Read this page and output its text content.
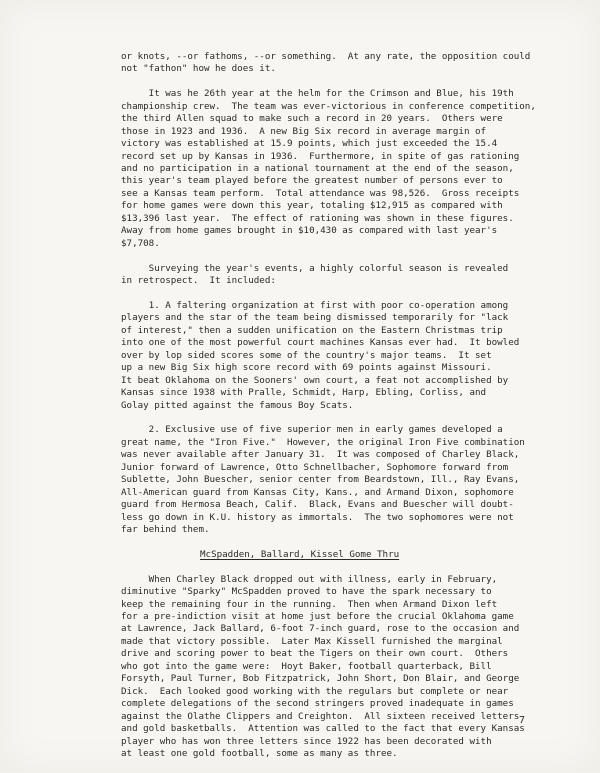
or knots, --or fathoms, --or something.  At any rate, the opposition could
not "fathon" how he does it.
It was he 26th year at the helm for the Crimson and Blue, his 19th
championship crew.  The team was ever-victorious in conference competition,
the third Allen squad to make such a record in 20 years.  Others were
those in 1923 and 1936.  A new Big Six record in average margin of
victory was established at 15.9 points, which just exceeded the 15.4
record set up by Kansas in 1936.  Furthermore, in spite of gas rationing
and no participation in a national tournament at the end of the season,
this year's team played before the greatest number of persons ever to
see a Kansas team perform.  Total attendance was 98,526.  Gross receipts
for home games were down this year, totaling $12,915 as compared with
$13,396 last year.  The effect of rationing was shown in these figures.
Away from home games brought in $10,430 as compared with last year's
$7,708.
Surveying the year's events, a highly colorful season is revealed
in retrospect.  It included:
1. A faltering organization at first with poor co-operation among
players and the star of the team being dismissed temporarily for "lack
of interest," then a sudden unification on the Eastern Christmas trip
into one of the most powerful court machines Kansas ever had.  It bowled
over by lop sided scores some of the country's major teams.  It set
up a new Big Six high score record with 69 points against Missouri.
It beat Oklahoma on the Sooners' own court, a feat not accomplished by
Kansas since 1938 with Pralle, Schmidt, Harp, Ebling, Corliss, and
Golay pitted against the famous Boy Scats.
2. Exclusive use of five superior men in early games developed a
great name, the "Iron Five."  However, the original Iron Five combination
was never available after January 31.  It was composed of Charley Black,
Junior forward of Lawrence, Otto Schnellbacher, Sophomore forward from
Sublette, John Buescher, senior center from Beardstown, Ill., Ray Evans,
All-American guard from Kansas City, Kans., and Armand Dixon, sophomore
guard from Hermosa Beach, Calif.  Black, Evans and Buescher will doubt-
less go down in K.U. history as immortals.  The two sophomores were not
far behind them.
McSpadden, Ballard, Kissel Gome Thru
When Charley Black dropped out with illness, early in February,
diminutive "Sparky" McSpadden proved to have the spark necessary to
keep the remaining four in the running.  Then when Armand Dixon left
for a pre-indiction visit at home just before the crucial Oklahoma game
at Lawrence, Jack Ballard, 6-foot 7-inch guard, rose to the occasion and
made that victory possible.  Later Max Kissell furnished the marginal
drive and scoring power to beat the Tigers on their own court.  Others
who got into the game were:  Hoyt Baker, football quarterback, Bill
Forsyth, Paul Turner, Bob Fitzpatrick, John Short, Don Blair, and George
Dick.  Each looked good working with the regulars but complete or near
complete delegations of the second stringers proved inadequate in games
against the Olathe Clippers and Creighton.  All sixteen received letters
and gold basketballs.  Attention was called to the fact that every Kansas
player who has won three letters since 1922 has been decorated with
at least one gold football, some as many as three.
7
